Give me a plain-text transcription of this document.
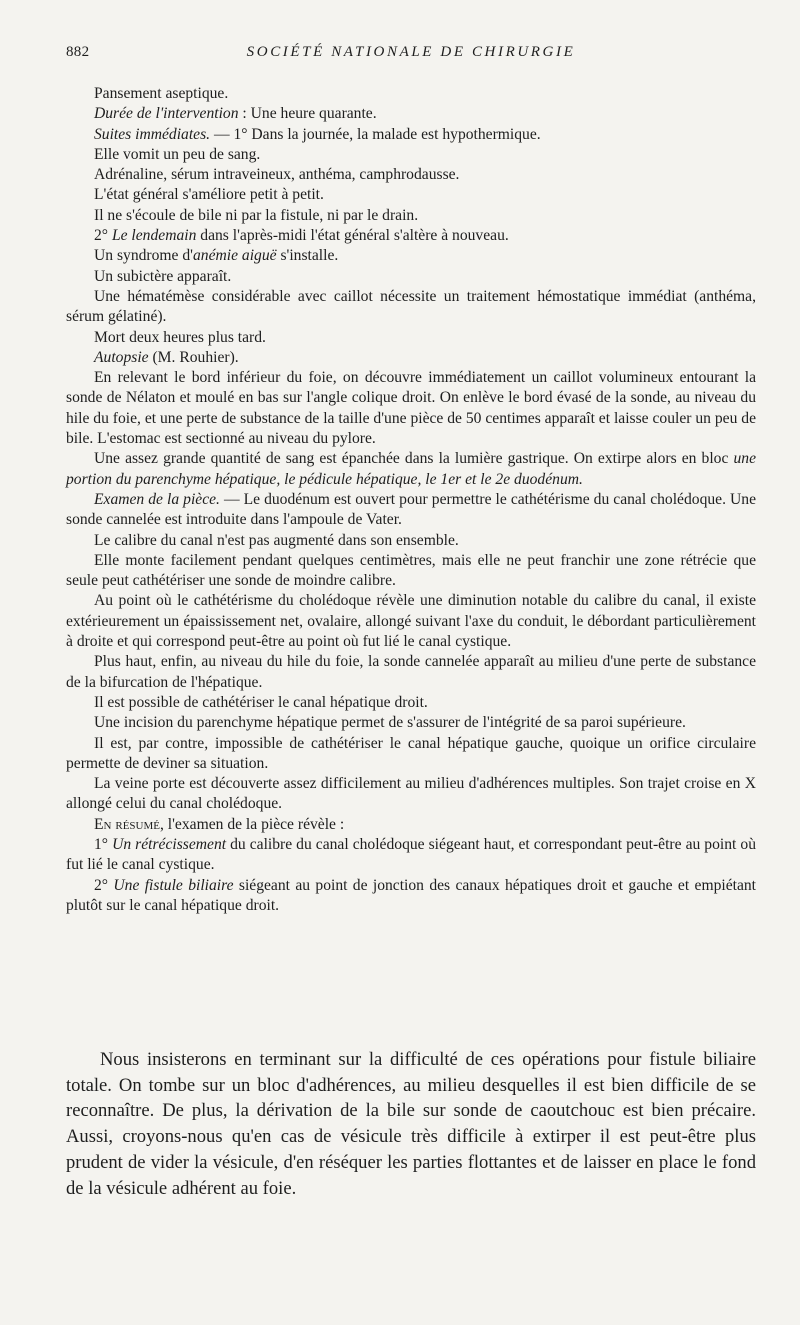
882	SOCIÉTÉ NATIONALE DE CHIRURGIE

Pansement aseptique.

Durée de l'intervention : Une heure quarante.

Suites immédiates. — 1° Dans la journée, la malade est hypothermique.

Elle vomit un peu de sang.

Adrénaline, sérum intraveineux, anthéma, camphrodausse.

L'état général s'améliore petit à petit.

Il ne s'écoule de bile ni par la fistule, ni par le drain.

2° Le lendemain dans l'après-midi l'état général s'altère à nouveau.

Un syndrome d'anémie aiguë s'installe.

Un subictère apparaît.

Une hématémèse considérable avec caillot nécessite un traitement hémostatique immédiat (anthéma, sérum gélatiné).

Mort deux heures plus tard.

Autopsie (M. Rouhier).

En relevant le bord inférieur du foie, on découvre immédiatement un caillot volumineux entourant la sonde de Nélaton et moulé en bas sur l'angle colique droit. On enlève le bord évasé de la sonde, au niveau du hile du foie, et une perte de substance de la taille d'une pièce de 50 centimes apparaît et laisse couler un peu de bile. L'estomac est sectionné au niveau du pylore.

Une assez grande quantité de sang est épanchée dans la lumière gastrique. On extirpe alors en bloc une portion du parenchyme hépatique, le pédicule hépatique, le 1er et le 2e duodénum.

Examen de la pièce. — Le duodénum est ouvert pour permettre le cathétérisme du canal cholédoque. Une sonde cannelée est introduite dans l'ampoule de Vater.

Le calibre du canal n'est pas augmenté dans son ensemble.

Elle monte facilement pendant quelques centimètres, mais elle ne peut franchir une zone rétrécie que seule peut cathétériser une sonde de moindre calibre.

Au point où le cathétérisme du cholédoque révèle une diminution notable du calibre du canal, il existe extérieurement un épaississement net, ovalaire, allongé suivant l'axe du conduit, le débordant particulièrement à droite et qui correspond peut-être au point où fut lié le canal cystique.

Plus haut, enfin, au niveau du hile du foie, la sonde cannelée apparaît au milieu d'une perte de substance de la bifurcation de l'hépatique.

Il est possible de cathétériser le canal hépatique droit.

Une incision du parenchyme hépatique permet de s'assurer de l'intégrité de sa paroi supérieure.

Il est, par contre, impossible de cathétériser le canal hépatique gauche, quoique un orifice circulaire permette de deviner sa situation.

La veine porte est découverte assez difficilement au milieu d'adhérences multiples. Son trajet croise en X allongé celui du canal cholédoque.

En résumé, l'examen de la pièce révèle :

1° Un rétrécissement du calibre du canal cholédoque siégeant haut, et correspondant peut-être au point où fut lié le canal cystique.

2° Une fistule biliaire siégeant au point de jonction des canaux hépatiques droit et gauche et empiétant plutôt sur le canal hépatique droit.

Nous insisterons en terminant sur la difficulté de ces opérations pour fistule biliaire totale. On tombe sur un bloc d'adhérences, au milieu desquelles il est bien difficile de se reconnaître. De plus, la dérivation de la bile sur sonde de caoutchouc est bien précaire. Aussi, croyons-nous qu'en cas de vésicule très difficile à extirper il est peut-être plus prudent de vider la vésicule, d'en réséquer les parties flottantes et de laisser en place le fond de la vésicule adhérent au foie.
